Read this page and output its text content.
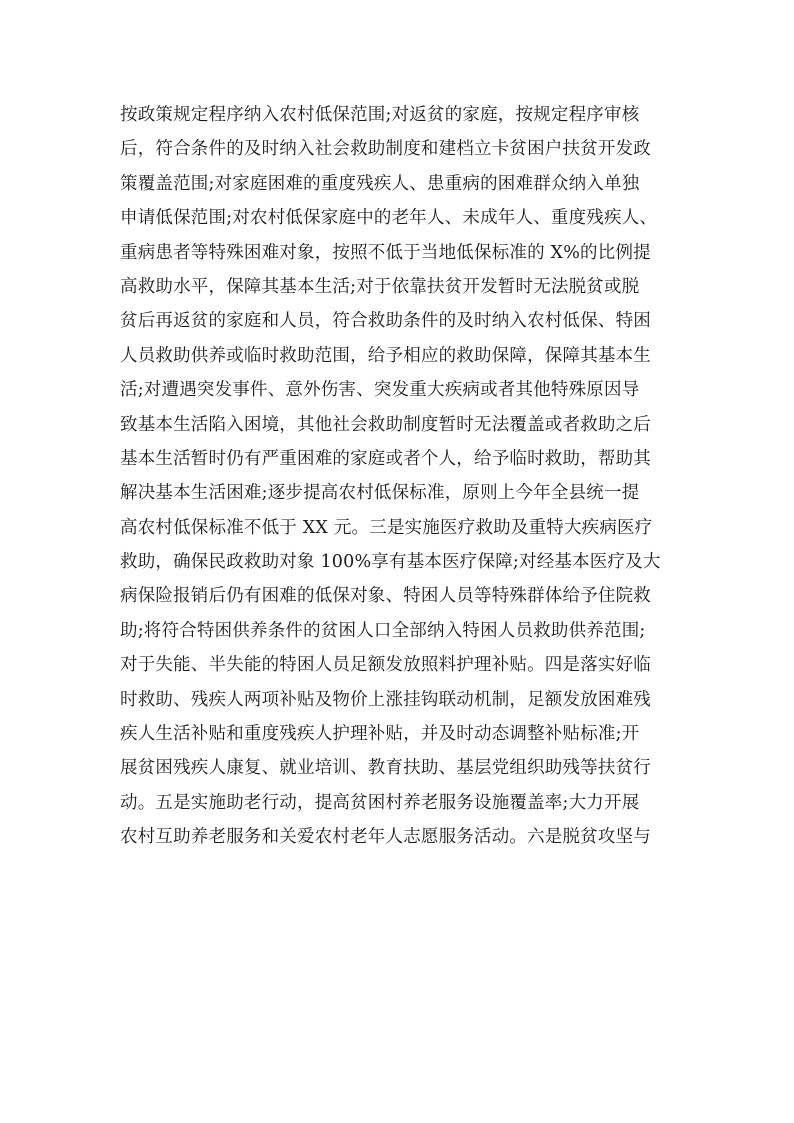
按政策规定程序纳入农村低保范围;对返贫的家庭，按规定程序审核
后，符合条件的及时纳入社会救助制度和建档立卡贫困户扶贫开发政
策覆盖范围;对家庭困难的重度残疾人、患重病的困难群众纳入单独
申请低保范围;对农村低保家庭中的老年人、未成年人、重度残疾人、
重病患者等特殊困难对象，按照不低于当地低保标准的 X%的比例提
高救助水平，保障其基本生活;对于依靠扶贫开发暂时无法脱贫或脱
贫后再返贫的家庭和人员，符合救助条件的及时纳入农村低保、特困
人员救助供养或临时救助范围，给予相应的救助保障，保障其基本生
活;对遭遇突发事件、意外伤害、突发重大疾病或者其他特殊原因导
致基本生活陷入困境，其他社会救助制度暂时无法覆盖或者救助之后
基本生活暂时仍有严重困难的家庭或者个人，给予临时救助，帮助其
解决基本生活困难;逐步提高农村低保标准，原则上今年全县统一提
高农村低保标准不低于 XX 元。三是实施医疗救助及重特大疾病医疗
救助，确保民政救助对象 100%享有基本医疗保障;对经基本医疗及大
病保险报销后仍有困难的低保对象、特困人员等特殊群体给予住院救
助;将符合特困供养条件的贫困人口全部纳入特困人员救助供养范围;
对于失能、半失能的特困人员足额发放照料护理补贴。四是落实好临
时救助、残疾人两项补贴及物价上涨挂钩联动机制，足额发放困难残
疾人生活补贴和重度残疾人护理补贴，并及时动态调整补贴标准;开
展贫困残疾人康复、就业培训、教育扶助、基层党组织助残等扶贫行
动。五是实施助老行动，提高贫困村养老服务设施覆盖率;大力开展
农村互助养老服务和关爱农村老年人志愿服务活动。六是脱贫攻坚与
